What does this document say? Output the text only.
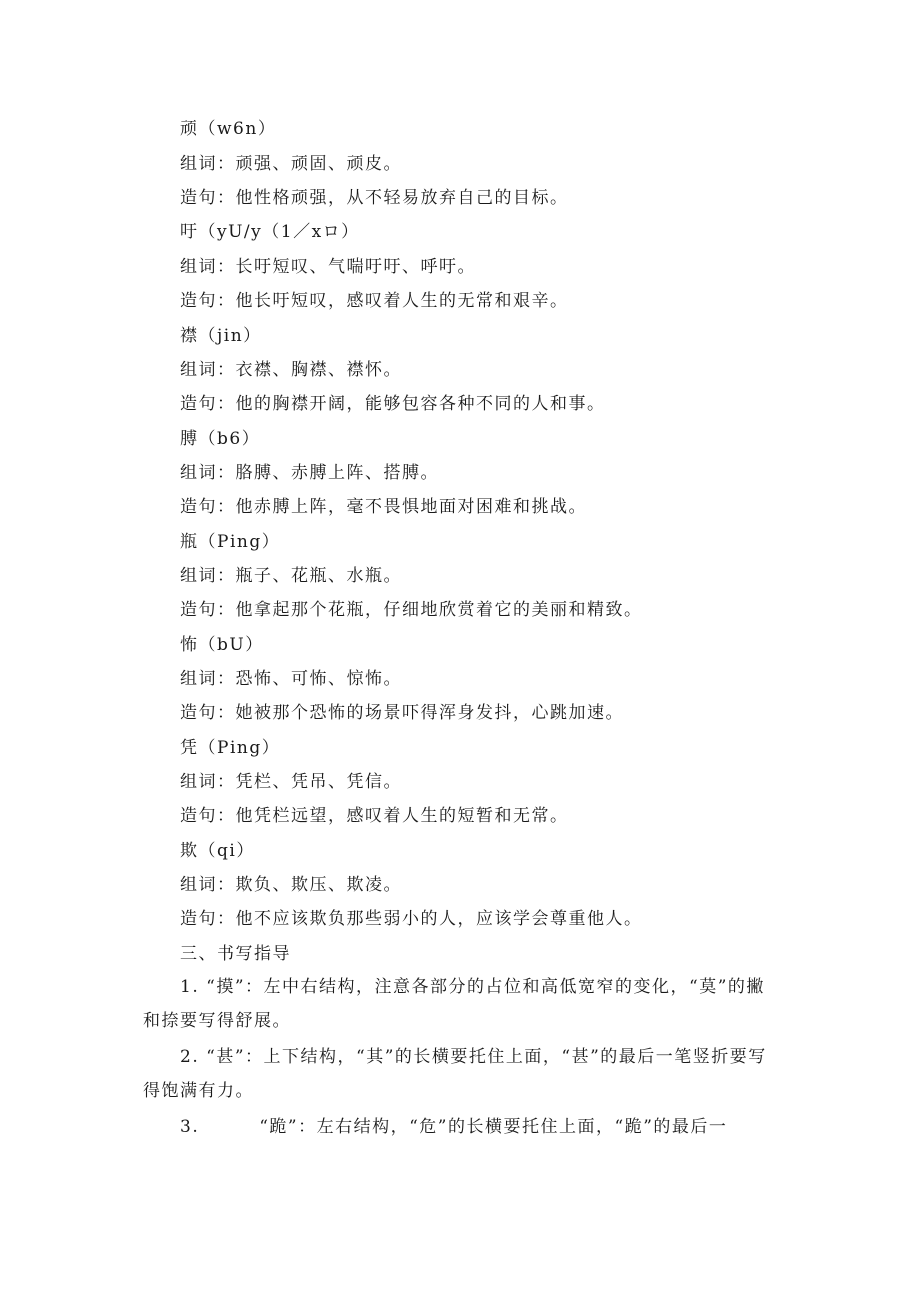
顽（w6n）
组词：顽强、顽固、顽皮。
造句：他性格顽强，从不轻易放弃自己的目标。
吁（yU/y（1／xロ）
组词：长吁短叹、气喘吁吁、呼吁。
造句：他长吁短叹，感叹着人生的无常和艰辛。
襟（jin）
组词：衣襟、胸襟、襟怀。
造句：他的胸襟开阔，能够包容各种不同的人和事。
膊（b6）
组词：胳膊、赤膊上阵、搭膊。
造句：他赤膊上阵，毫不畏惧地面对困难和挑战。
瓶（Ping）
组词：瓶子、花瓶、水瓶。
造句：他拿起那个花瓶，仔细地欣赏着它的美丽和精致。
怖（bU）
组词：恐怖、可怖、惊怖。
造句：她被那个恐怖的场景吓得浑身发抖，心跳加速。
凭（Ping）
组词：凭栏、凭吊、凭信。
造句：他凭栏远望，感叹着人生的短暂和无常。
欺（qi）
组词：欺负、欺压、欺凌。
造句：他不应该欺负那些弱小的人，应该学会尊重他人。
三、书写指导
1. “摸”：左中右结构，注意各部分的占位和高低宽窄的变化，“莫”的撇和捺要写得舒展。
2. “甚”：上下结构，“其”的长横要托住上面，“甚”的最后一笔竖折要写得饱满有力。
3.	“跪”：左右结构，“危”的长横要托住上面，“跪”的最后一
